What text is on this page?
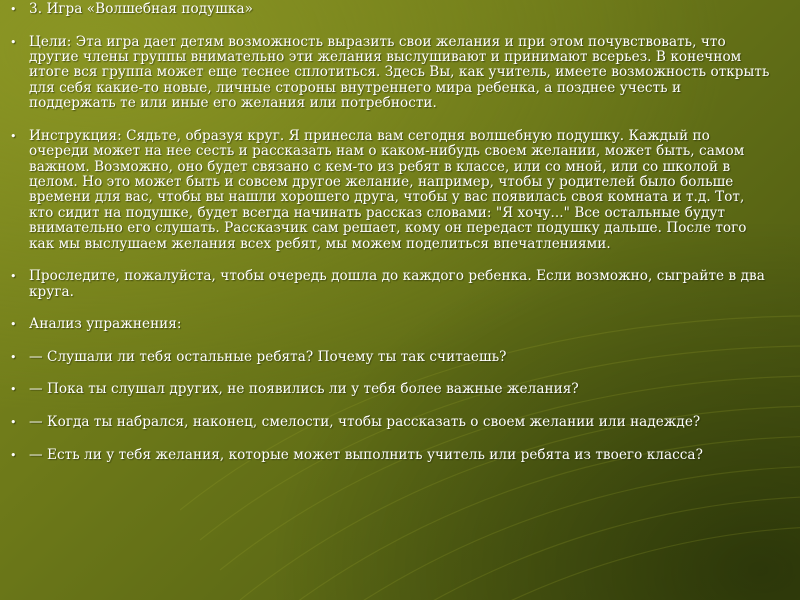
• 3. Игра «Волшебная подушка»
• Цели: Эта игра дает детям возможность выразить свои желания и при этом почувствовать, что другие члены группы внимательно эти желания выслушивают и принимают всерьез. В конечном итоге вся группа может еще теснее сплотиться. Здесь Вы, как учитель, имеете возможность открыть для себя какие-то новые, личные стороны внутреннего мира ребенка, а позднее учесть и поддержать те или иные его желания или потребности.
• Инструкция: Сядьте, образуя круг. Я принесла вам сегодня волшебную подушку. Каждый по очереди может на нее сесть и рассказать нам о каком-нибудь своем желании, может быть, самом важном. Возможно, оно будет связано с кем-то из ребят в классе, или со мной, или со школой в целом. Но это может быть и совсем другое желание, например, чтобы у родителей было больше времени для вас, чтобы вы нашли хорошего друга, чтобы у вас появилась своя комната и т.д. Тот, кто сидит на подушке, будет всегда начинать рассказ словами: "Я хочу..." Все остальные будут внимательно его слушать. Рассказчик сам решает, кому он передаст подушку дальше. После того как мы выслушаем желания всех ребят, мы можем поделиться впечатлениями.
• Проследите, пожалуйста, чтобы очередь дошла до каждого ребенка. Если возможно, сыграйте в два круга.
• Анализ упражнения:
• — Слушали ли тебя остальные ребята? Почему ты так считаешь?
• — Пока ты слушал других, не появились ли у тебя более важные желания?
• — Когда ты набрался, наконец, смелости, чтобы рассказать о своем желании или надежде?
• — Есть ли у тебя желания, которые может выполнить учитель или ребята из твоего класса?
